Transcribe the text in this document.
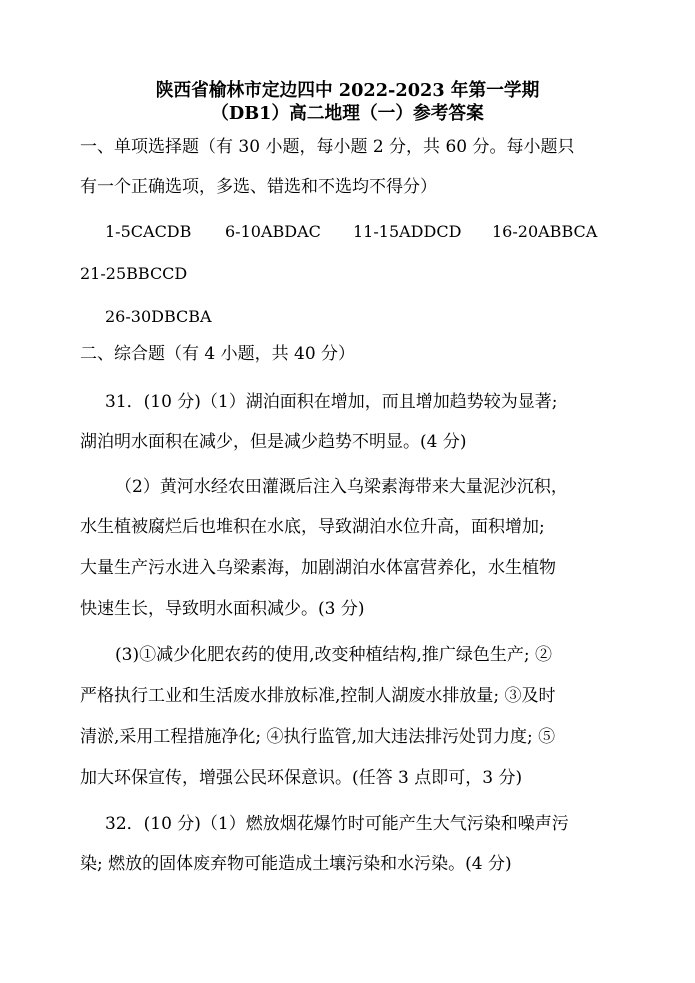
陕西省榆林市定边四中 2022-2023 年第一学期
（DB1）高二地理（一）参考答案
一、单项选择题（有 30 小题，每小题 2 分，共 60 分。每小题只
有一个正确选项，多选、错选和不选均不得分）
1-5CACDB 6-10ABDAC 11-15ADDCD 16-20ABBCA
21-25BBCCD
26-30DBCBA
二、综合题（有 4 小题，共 40 分）
31．(10 分)（1）湖泊面积在增加，而且增加趋势较为显著;
湖泊明水面积在减少，但是减少趋势不明显。(4 分)
（2）黄河水经农田灌溉后注入乌梁素海带来大量泥沙沉积，
水生植被腐烂后也堆积在水底，导致湖泊水位升高，面积增加;
大量生产污水进入乌梁素海，加剧湖泊水体富营养化，水生植物
快速生长，导致明水面积减少。(3 分)
(3)①减少化肥农药的使用,改变种植结构,推广绿色生产; ②
严格执行工业和生活废水排放标准,控制人湖废水排放量; ③及时
清淤,采用工程措施净化; ④执行监管,加大违法排污处罚力度; ⑤
加大环保宣传，增强公民环保意识。(任答 3 点即可，3 分)
32．(10 分)（1）燃放烟花爆竹时可能产生大气污染和噪声污
染; 燃放的固体废弃物可能造成土壤污染和水污染。(4 分)
